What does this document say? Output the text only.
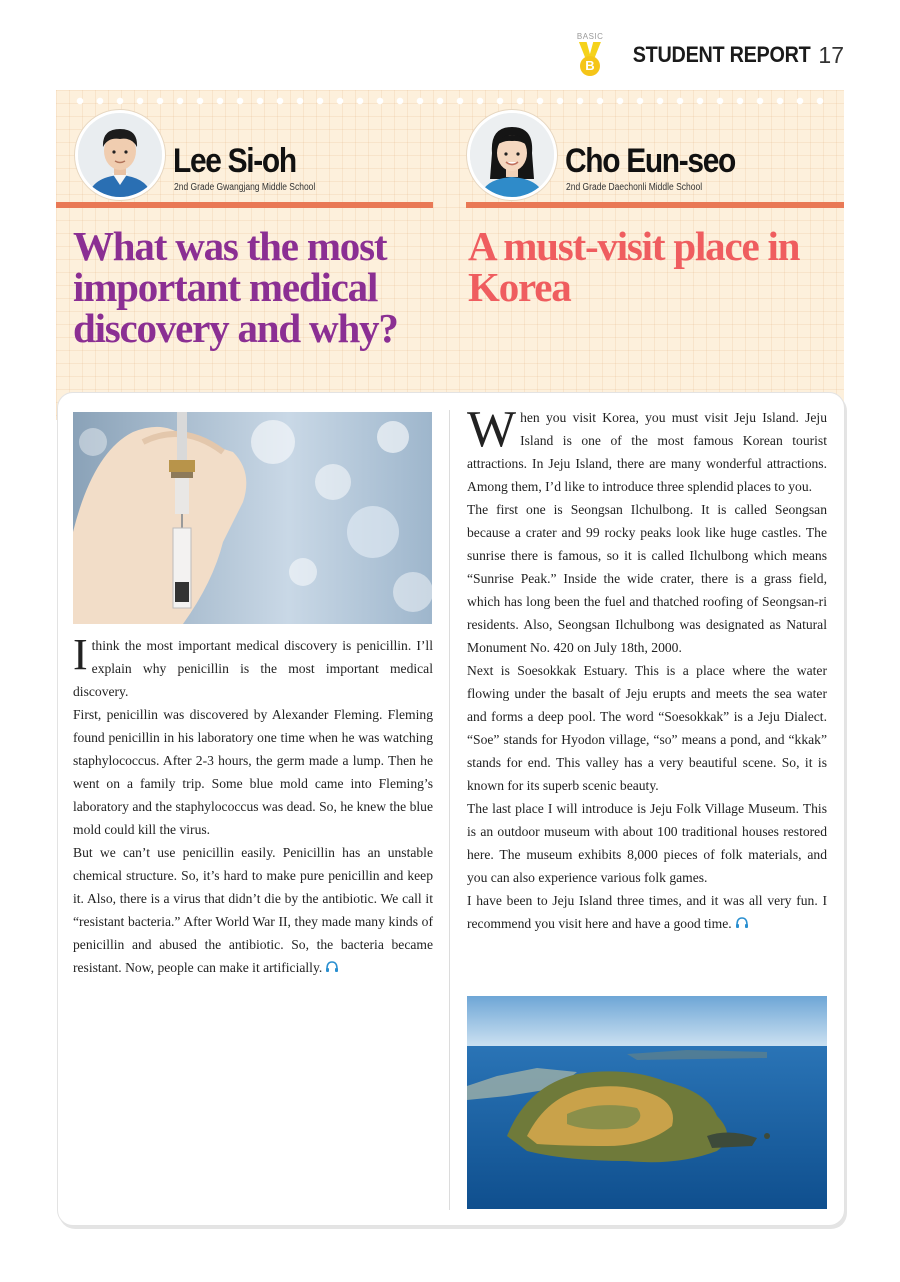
BASIC
B STUDENT REPORT 17
Lee Si-oh
2nd Grade Gwangjang Middle School
Cho Eun-seo
2nd Grade Daechonli Middle School
What was the most important medical discovery and why?
A must-visit place in Korea

Ithink the most important medical discovery is penicillin. I’ll explain why penicillin is the most important medical discovery.

First, penicillin was discovered by Alexander Fleming. Fleming found penicillin in his laboratory one time when he was watching staphylococcus. After 2-3 hours, the germ made a lump. Then he went on a family trip. Some blue mold came into Fleming’s laboratory and the staphylococcus was dead. So, he knew the blue mold could kill the virus.

But we can’t use penicillin easily. Penicillin has an unstable chemical structure. So, it’s hard to make pure penicillin and keep it. Also, there is a virus that didn’t die by the antibiotic. We call it “resistant bacteria.” After World War II, they made many kinds of penicillin and abused the antibiotic. So, the bacteria became resistant. Now, people can make it artificially.

When you visit Korea, you must visit Jeju Island. Jeju Island is one of the most famous Korean tourist attractions. In Jeju Island, there are many wonderful attractions. Among them, I’d like to introduce three splendid places to you.

The first one is Seongsan Ilchulbong. It is called Seongsan because a crater and 99 rocky peaks look like huge castles. The sunrise there is famous, so it is called Ilchulbong which means “Sunrise Peak.” Inside the wide crater, there is a grass field, which has long been the fuel and thatched roofing of Seongsan-ri residents. Also, Seongsan Ilchulbong was designated as Natural Monument No. 420 on July 18th, 2000.

Next is Soesokkak Estuary. This is a place where the water flowing under the basalt of Jeju erupts and meets the sea water and forms a deep pool. The word “Soesokkak” is a Jeju Dialect. “Soe” stands for Hyodon village, “so” means a pond, and “kkak” stands for end. This valley has a very beautiful scene. So, it is known for its superb scenic beauty.

The last place I will introduce is Jeju Folk Village Museum. This is an outdoor museum with about 100 traditional houses restored here. The museum exhibits 8,000 pieces of folk materials, and you can also experience various folk games.

I have been to Jeju Island three times, and it was all very fun. I recommend you visit here and have a good time.
